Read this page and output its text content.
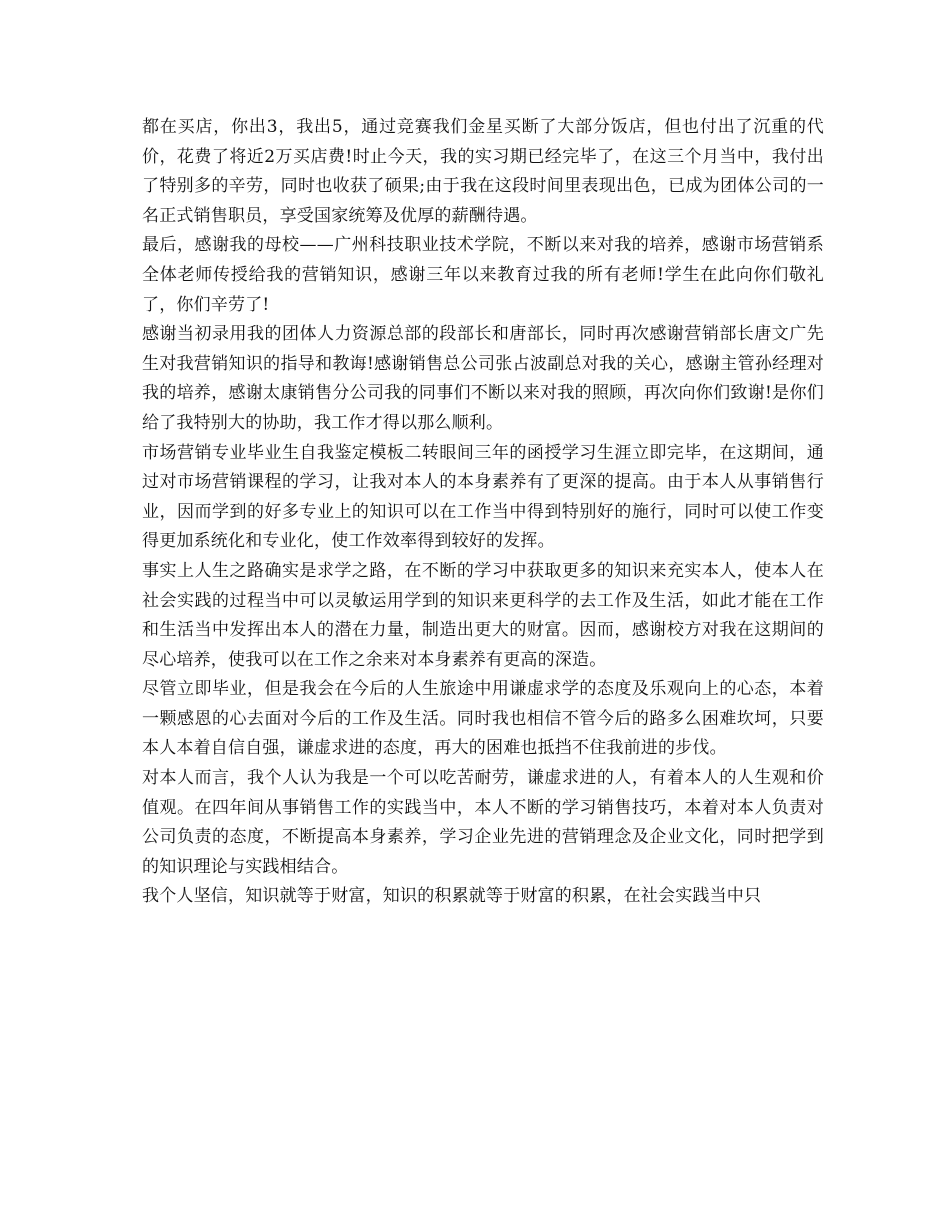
都在买店，你出3，我出5，通过竞赛我们金星买断了大部分饭店，但也付出了沉重的代价，花费了将近2万买店费!时止今天，我的实习期已经完毕了，在这三个月当中，我付出了特别多的辛劳，同时也收获了硕果;由于我在这段时间里表现出色，已成为团体公司的一名正式销售职员，享受国家统筹及优厚的薪酬待遇。

最后，感谢我的母校——广州科技职业技术学院，不断以来对我的培养，感谢市场营销系全体老师传授给我的营销知识，感谢三年以来教育过我的所有老师!学生在此向你们敬礼了，你们辛劳了!

感谢当初录用我的团体人力资源总部的段部长和唐部长，同时再次感谢营销部长唐文广先生对我营销知识的指导和教诲!感谢销售总公司张占波副总对我的关心，感谢主管孙经理对我的培养，感谢太康销售分公司我的同事们不断以来对我的照顾，再次向你们致谢!是你们给了我特别大的协助，我工作才得以那么顺利。

市场营销专业毕业生自我鉴定模板二转眼间三年的函授学习生涯立即完毕，在这期间，通过对市场营销课程的学习，让我对本人的本身素养有了更深的提高。由于本人从事销售行业，因而学到的好多专业上的知识可以在工作当中得到特别好的施行，同时可以使工作变得更加系统化和专业化，使工作效率得到较好的发挥。

事实上人生之路确实是求学之路，在不断的学习中获取更多的知识来充实本人，使本人在社会实践的过程当中可以灵敏运用学到的知识来更科学的去工作及生活，如此才能在工作和生活当中发挥出本人的潜在力量，制造出更大的财富。因而，感谢校方对我在这期间的尽心培养，使我可以在工作之余来对本身素养有更高的深造。

尽管立即毕业，但是我会在今后的人生旅途中用谦虚求学的态度及乐观向上的心态，本着一颗感恩的心去面对今后的工作及生活。同时我也相信不管今后的路多么困难坎坷，只要本人本着自信自强，谦虚求进的态度，再大的困难也抵挡不住我前进的步伐。

对本人而言，我个人认为我是一个可以吃苦耐劳，谦虚求进的人，有着本人的人生观和价值观。在四年间从事销售工作的实践当中，本人不断的学习销售技巧，本着对本人负责对公司负责的态度，不断提高本身素养，学习企业先进的营销理念及企业文化，同时把学到的知识理论与实践相结合。

我个人坚信，知识就等于财富，知识的积累就等于财富的积累，在社会实践当中只
